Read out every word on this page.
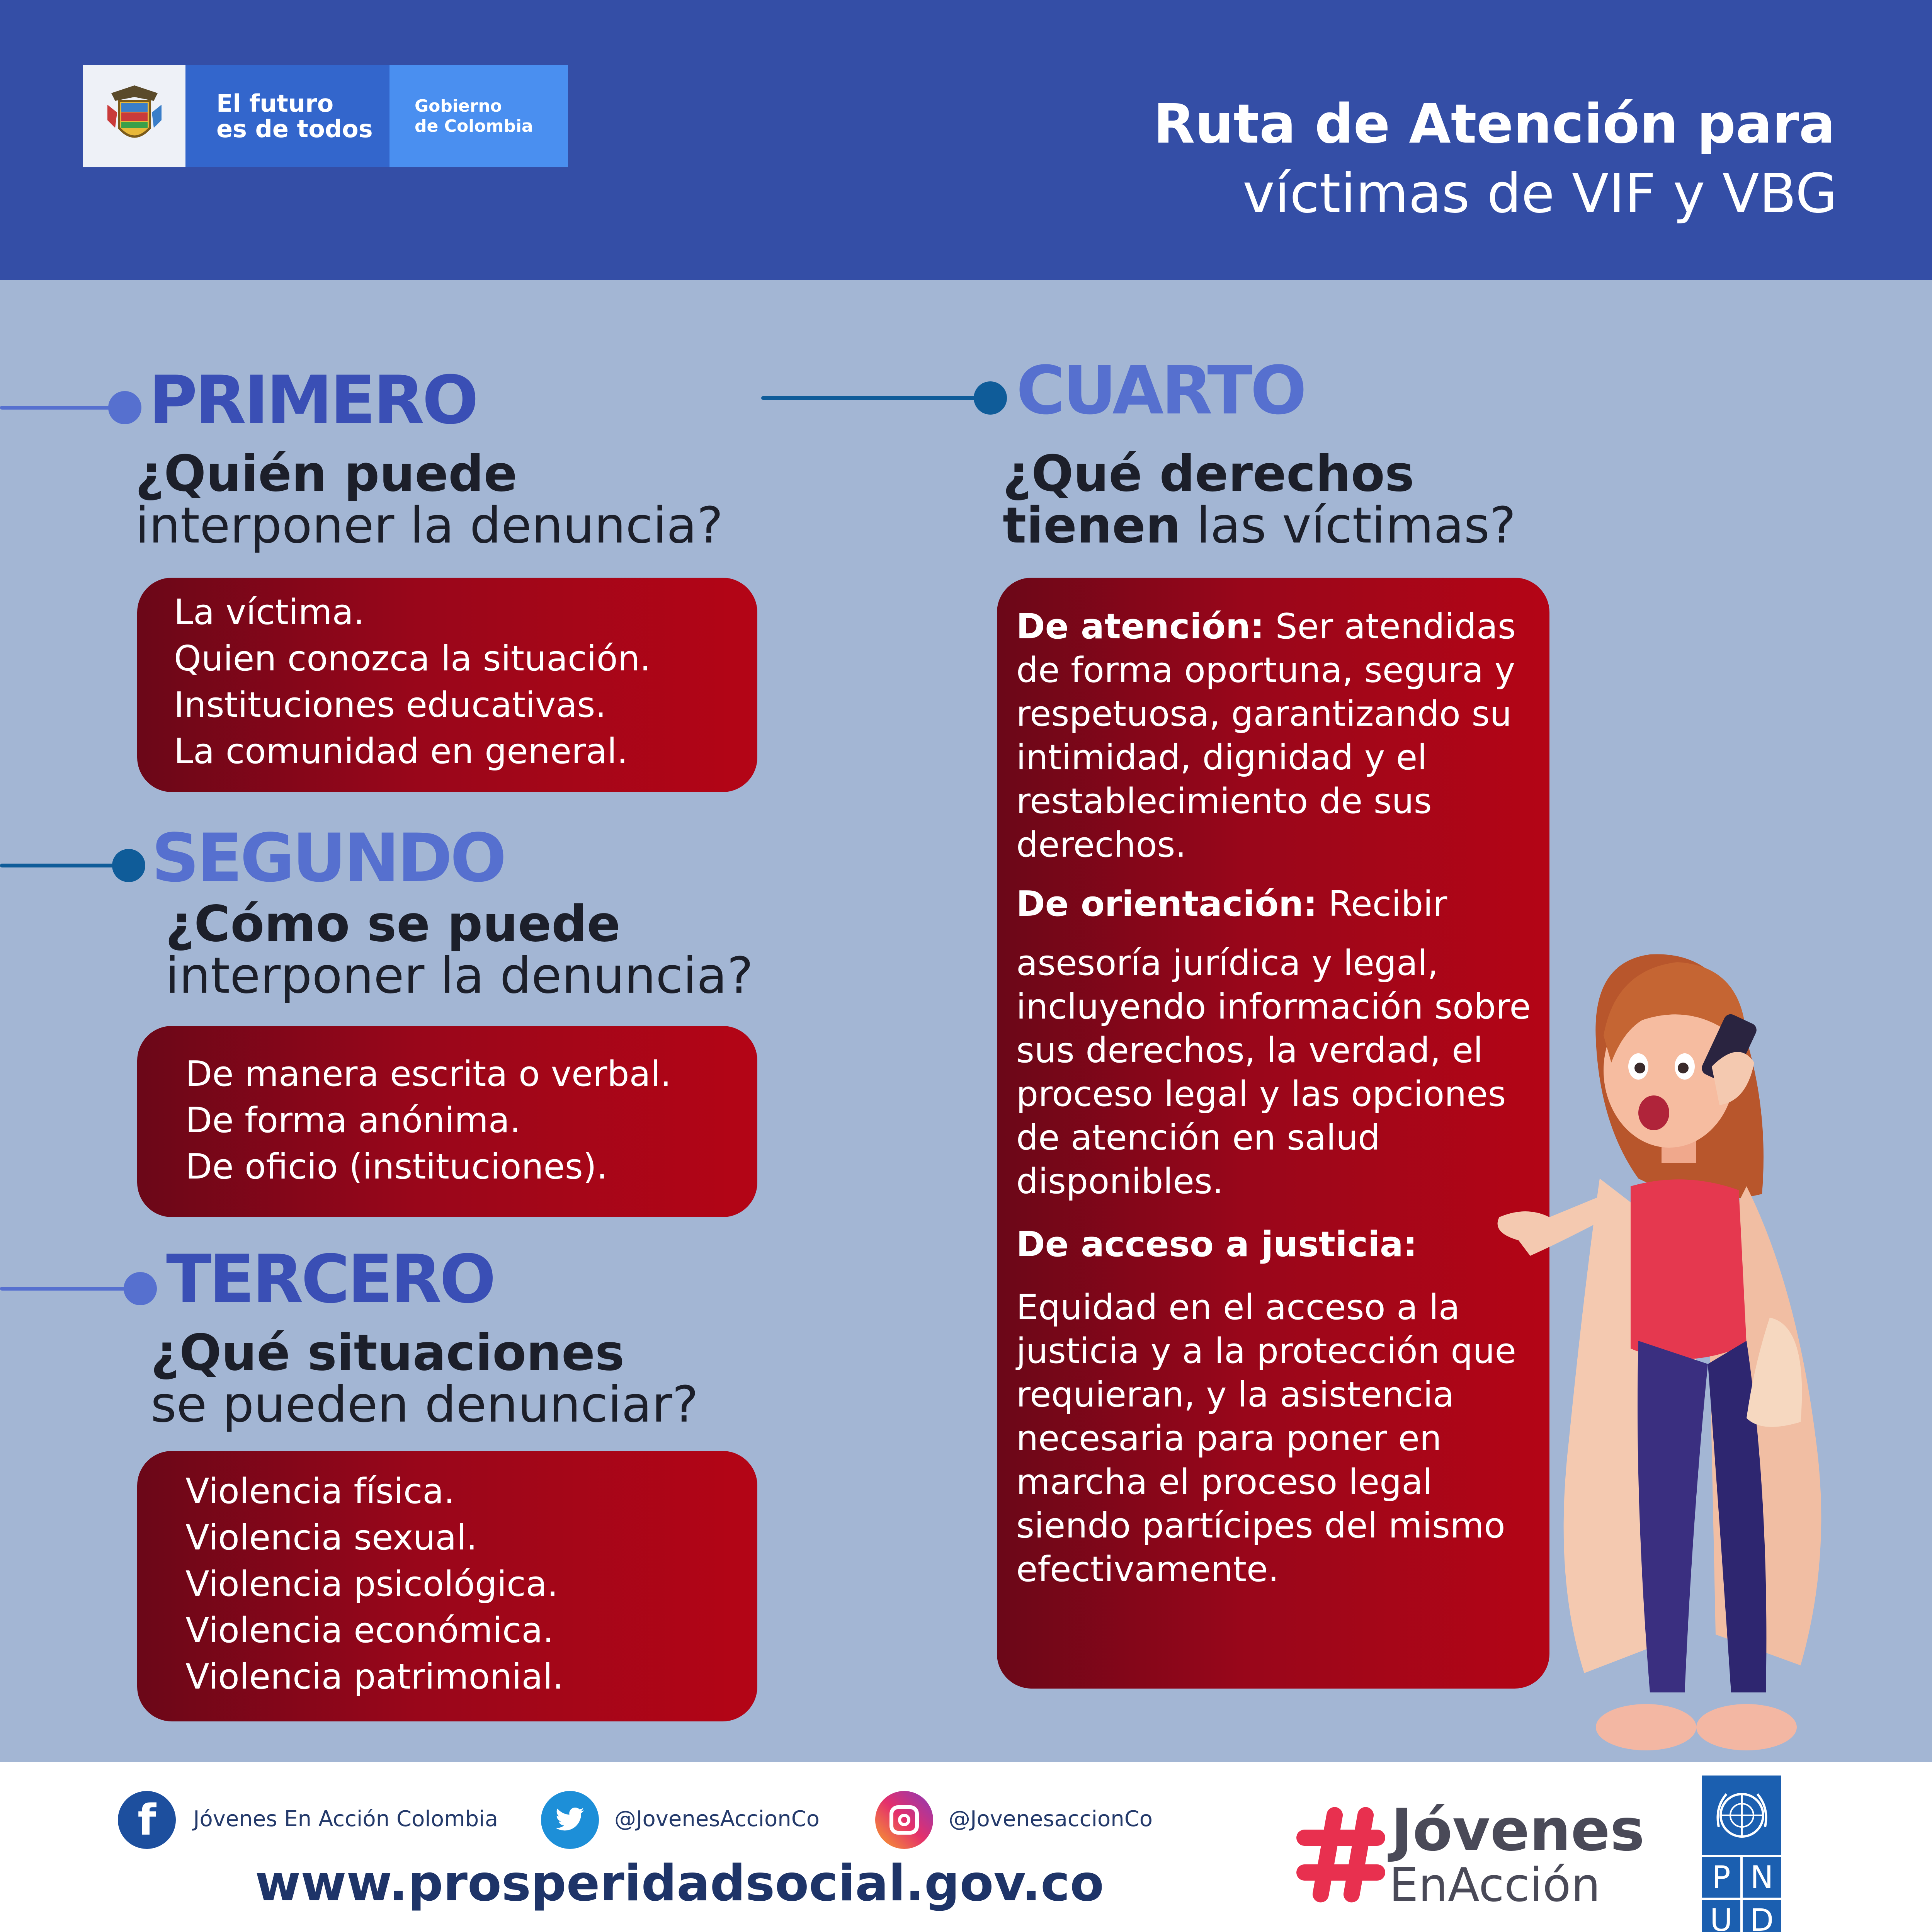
El futuro
es de todos
Gobierno
de Colombia	Ruta de Atención para
víctimas de VIF y VBG
PRIMERO
¿Quién puede
interponer la denuncia?
La víctima.
Quien conozca la situación.
Instituciones educativas.
La comunidad en general.
SEGUNDO
¿Cómo se puede
interponer la denuncia?
De manera escrita o verbal.
De forma anónima.
De oficio (instituciones).
TERCERO
¿Qué situaciones
se pueden denunciar?
Violencia física.
Violencia sexual.
Violencia psicológica.
Violencia económica.
Violencia patrimonial.
CUARTO
¿Qué derechos
tienen las víctimas?

De atención: Ser atendidas de forma oportuna, segura y respetuosa, garantizando su intimidad, dignidad y el restablecimiento de sus derechos.

De orientación: Recibir

asesoría jurídica y legal, incluyendo información sobre sus derechos, la verdad, el proceso legal y las opciones de atención en salud disponibles.

De acceso a justicia:

Equidad en el acceso a la justicia y a la protección que requieran, y la asistencia necesaria para poner en marcha el proceso legal siendo partícipes del mismo efectivamente.

f Jóvenes En Acción Colombia	@JovenesAccionCo	@JovenesaccionCo
www.prosperidadsocial.gov.co
Jóvenes
EnAcción	P N
U D
